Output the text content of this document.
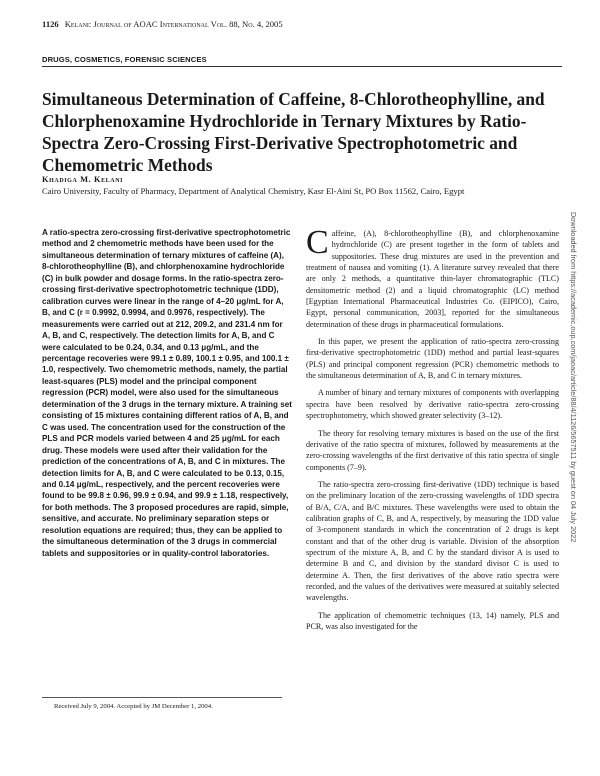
1126 Kelani: Journal of AOAC International Vol. 88, No. 4, 2005
DRUGS, COSMETICS, FORENSIC SCIENCES
Simultaneous Determination of Caffeine, 8-Chlorotheophylline, and Chlorphenoxamine Hydrochloride in Ternary Mixtures by Ratio-Spectra Zero-Crossing First-Derivative Spectrophotometric and Chemometric Methods
Khadiga M. Kelani
Cairo University, Faculty of Pharmacy, Department of Analytical Chemistry, Kasr El-Aini St, PO Box 11562, Cairo, Egypt

A ratio-spectra zero-crossing first-derivative spectrophotometric method and 2 chemometric methods have been used for the simultaneous determination of ternary mixtures of caffeine (A), 8-chlorotheophylline (B), and chlorphenoxamine hydrochloride (C) in bulk powder and dosage forms. In the ratio-spectra zero-crossing first-derivative spectrophotometric technique (1DD), calibration curves were linear in the range of 4–20 μg/mL for A, B, and C (r = 0.9992, 0.9994, and 0.9976, respectively). The measurements were carried out at 212, 209.2, and 231.4 nm for A, B, and C, respectively. The detection limits for A, B, and C were calculated to be 0.24, 0.34, and 0.13 μg/mL, and the percentage recoveries were 99.1 ± 0.89, 100.1 ± 0.95, and 100.1 ± 1.0, respectively. Two chemometric methods, namely, the partial least-squares (PLS) model and the principal component regression (PCR) model, were also used for the simultaneous determination of the 3 drugs in the ternary mixture. A training set consisting of 15 mixtures containing different ratios of A, B, and C was used. The concentration used for the construction of the PLS and PCR models varied between 4 and 25 μg/mL for each drug. These models were used after their validation for the prediction of the concentrations of A, B, and C in mixtures. The detection limits for A, B, and C were calculated to be 0.13, 0.15, and 0.14 μg/mL, respectively, and the percent recoveries were found to be 99.8 ± 0.96, 99.9 ± 0.94, and 99.9 ± 1.18, respectively, for both methods. The 3 proposed procedures are rapid, simple, sensitive, and accurate. No preliminary separation steps or resolution equations are required; thus, they can be applied to the simultaneous determination of the 3 drugs in commercial tablets and suppositories or in quality-control laboratories.

Received July 9, 2004. Accepted by JM December 1, 2004.

Caffeine, (A), 8-chlorotheophylline (B), and chlorphenoxamine hydrochloride (C) are present together in the form of tablets and suppositories. These drug mixtures are used in the prevention and treatment of nausea and vomiting (1). A literature survey revealed that there are only 2 methods, a quantitative thin-layer chromatographic (TLC) densitometric method (2) and a liquid chromatographic (LC) method [Egyptian International Pharmaceutical Industries Co. (EIPICO), Cairo, Egypt, personal communication, 2003], reported for the simultaneous determination of these drugs in pharmaceutical formulations.

In this paper, we present the application of ratio-spectra zero-crossing first-derivative spectrophotometric (1DD) method and partial least-squares (PLS) and principal component regression (PCR) chemometric methods to the simultaneous determination of A, B, and C in ternary mixtures.

A number of binary and ternary mixtures of components with overlapping spectra have been resolved by derivative ratio-spectra zero-crossing spectrophotometry, which showed greater selectivity (3–12).

The theory for resolving ternary mixtures is based on the use of the first derivative of the ratio spectra of mixtures, followed by measurements at the zero-crossing wavelengths of the first derivative of this ratio spectra of single components (7–9).

The ratio-spectra zero-crossing first-derivative (1DD) technique is based on the preliminary location of the zero-crossing wavelengths of 1DD spectra of B/A, C/A, and B/C mixtures. These wavelengths were used to obtain the calibration graphs of C, B, and A, respectively, by measuring the 1DD value of 3-component standards in which the concentration of 2 drugs is kept constant and that of the other drug is variable. Division of the absorption spectrum of the mixture A, B, and C by the standard divisor A is used to determine B and C, and division by the standard divisor C is used to determine A. Then, the first derivatives of the above ratio spectra were recorded, and the values of the derivatives were measured at suitably selected wavelengths.

The application of chemometric techniques (13, 14) namely, PLS and PCR, was also investigated for the

Downloaded from https://academic.oup.com/jaoac/article/88/4/1126/5657511 by guest on 04 July 2022
